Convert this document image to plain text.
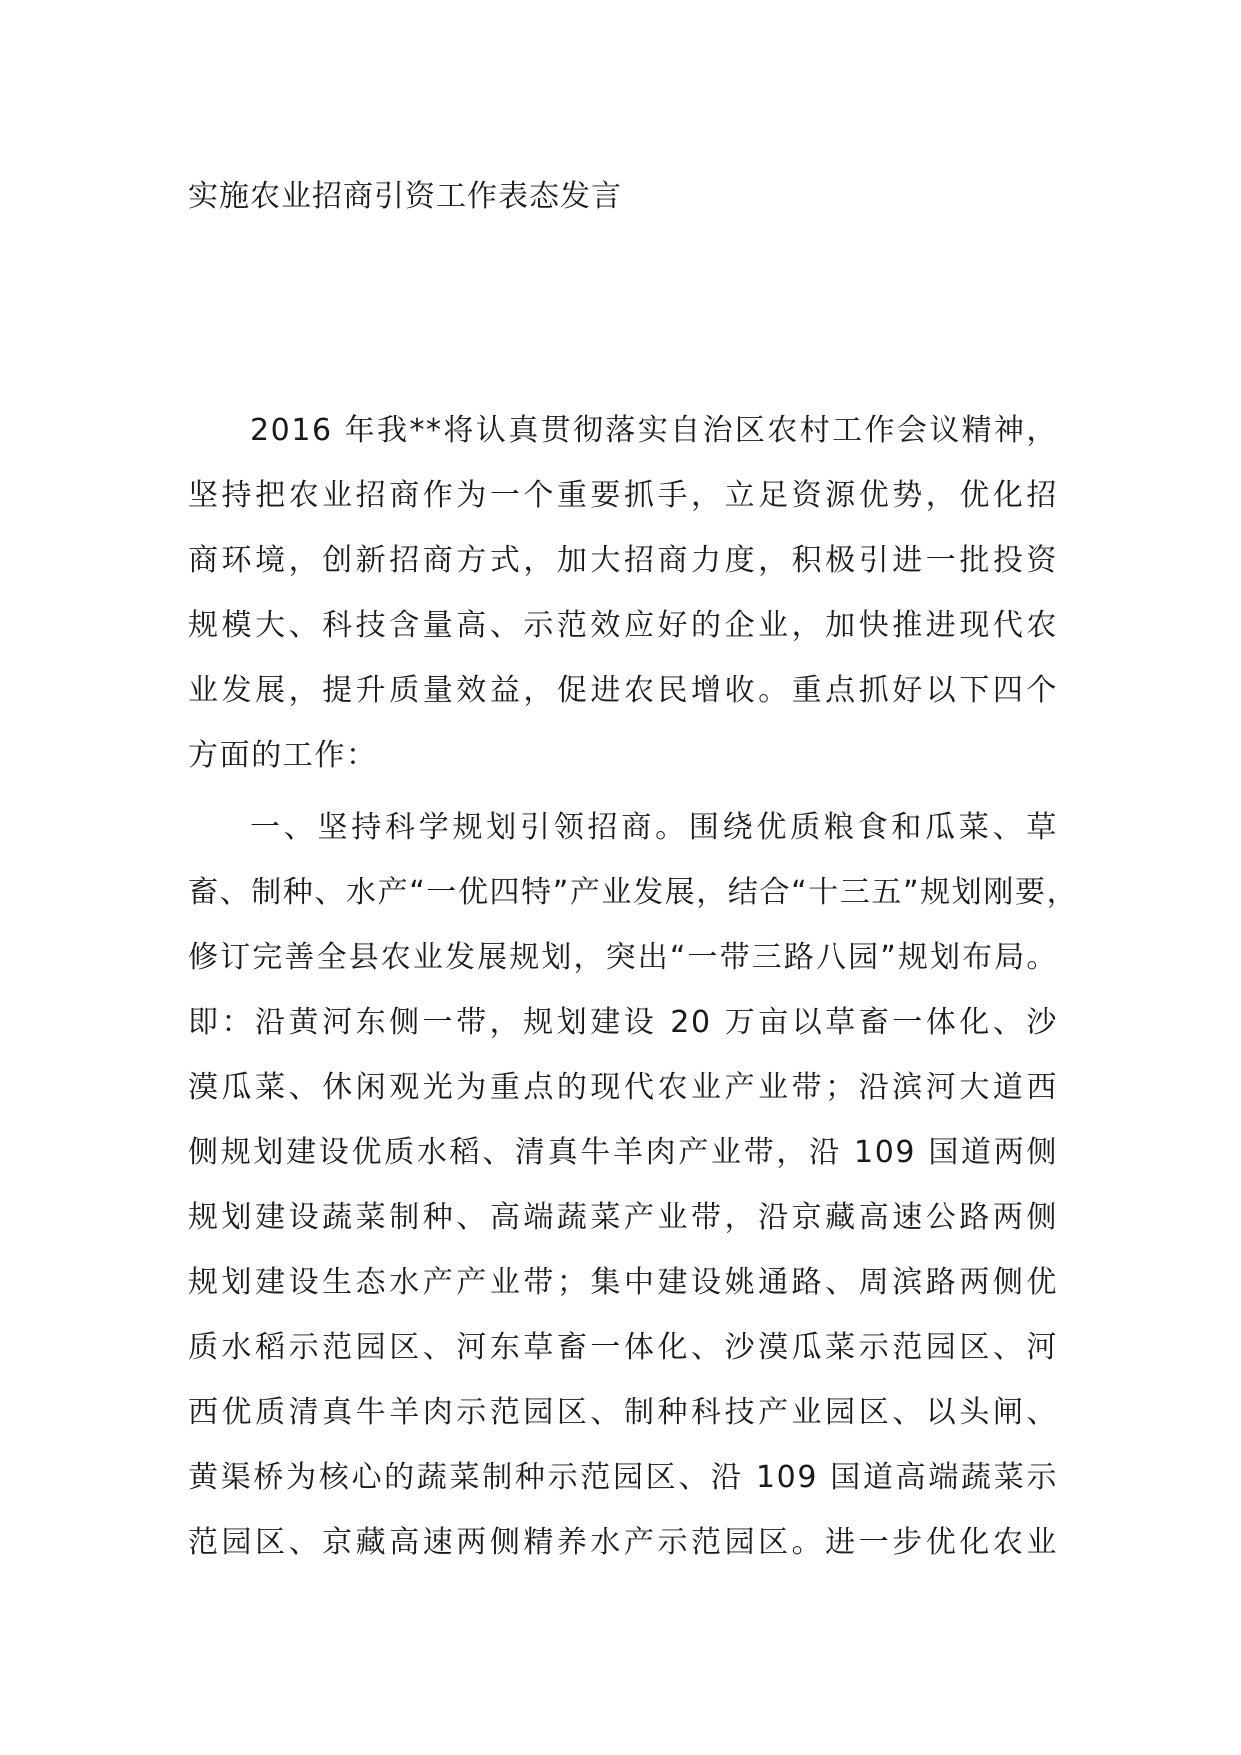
实施农业招商引资工作表态发言
2016 年我**将认真贯彻落实自治区农村工作会议精神，
坚持把农业招商作为一个重要抓手，立足资源优势，优化招
商环境，创新招商方式，加大招商力度，积极引进一批投资
规模大、科技含量高、示范效应好的企业，加快推进现代农
业发展，提升质量效益，促进农民增收。重点抓好以下四个
方面的工作：
一、坚持科学规划引领招商。围绕优质粮食和瓜菜、草
畜、制种、水产“一优四特”产业发展，结合“十三五”规划刚要，
修订完善全县农业发展规划，突出“一带三路八园”规划布局。
即：沿黄河东侧一带，规划建设 20 万亩以草畜一体化、沙
漠瓜菜、休闲观光为重点的现代农业产业带；沿滨河大道西
侧规划建设优质水稻、清真牛羊肉产业带，沿 109 国道两侧
规划建设蔬菜制种、高端蔬菜产业带，沿京藏高速公路两侧
规划建设生态水产产业带；集中建设姚通路、周滨路两侧优
质水稻示范园区、河东草畜一体化、沙漠瓜菜示范园区、河
西优质清真牛羊肉示范园区、制种科技产业园区、以头闸、
黄渠桥为核心的蔬菜制种示范园区、沿 109 国道高端蔬菜示
范园区、京藏高速两侧精养水产示范园区。进一步优化农业
